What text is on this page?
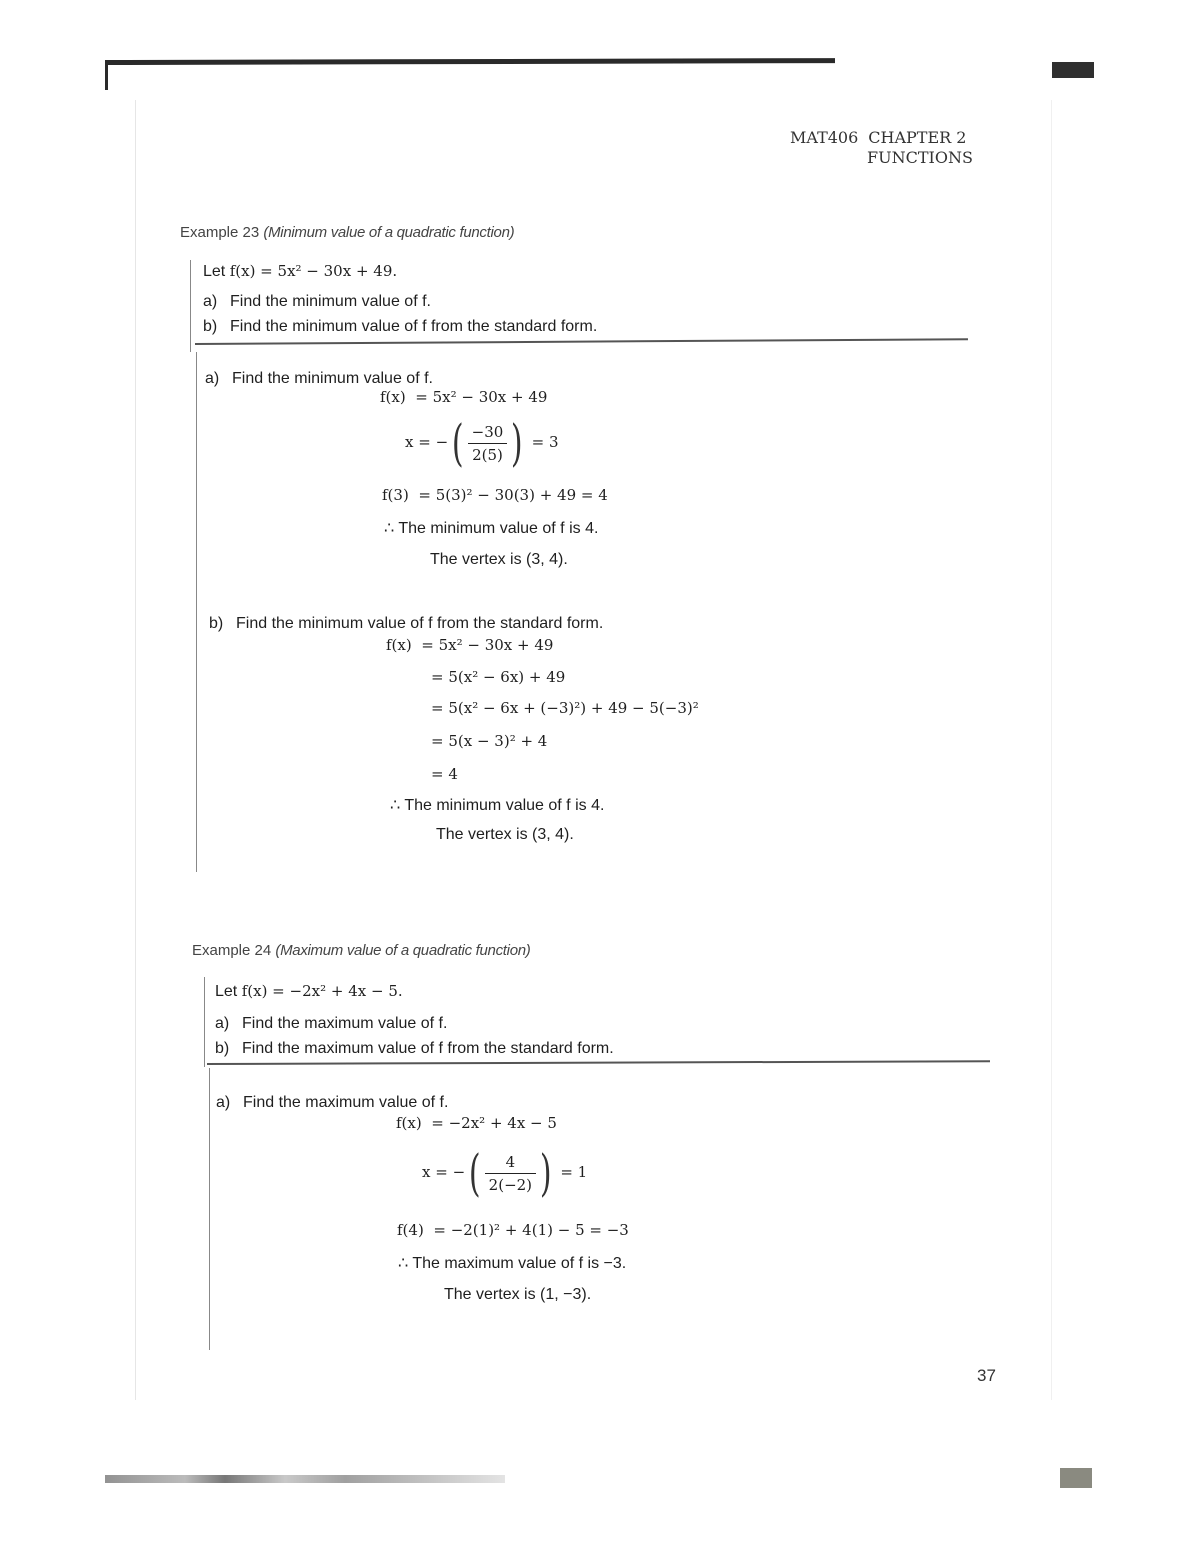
MAT406 CHAPTER 2
FUNCTIONS
Example 23 (Minimum value of a quadratic function)
Let f(x) = 5x² − 30x + 49.
a) Find the minimum value of f.
b) Find the minimum value of f from the standard form.
a) Find the minimum value of f.
f(x) = 5x² − 30x + 49
x = −( $\frac{-30}{2(5)}$ ) = 3
f(3) = 5(3)² − 30(3) + 49 = 4
∴ The minimum value of f is 4.
The vertex is (3, 4).
b) Find the minimum value of f from the standard form.
f(x) = 5x² − 30x + 49
= 5(x² − 6x) + 49
= 5(x² − 6x + (−3)²) + 49 − 5(−3)²
= 5(x − 3)² + 4
= 4
∴ The minimum value of f is 4.
The vertex is (3, 4).
Example 24 (Maximum value of a quadratic function)
Let f(x) = −2x² + 4x − 5.
a) Find the maximum value of f.
b) Find the maximum value of f from the standard form.
a) Find the maximum value of f.
f(x) = −2x² + 4x − 5
x = −( $\frac{4}{2(-2)}$ ) = 1
f(4) = −2(1)² + 4(1) − 5 = −3
∴ The maximum value of f is −3.
The vertex is (1, −3).
37
